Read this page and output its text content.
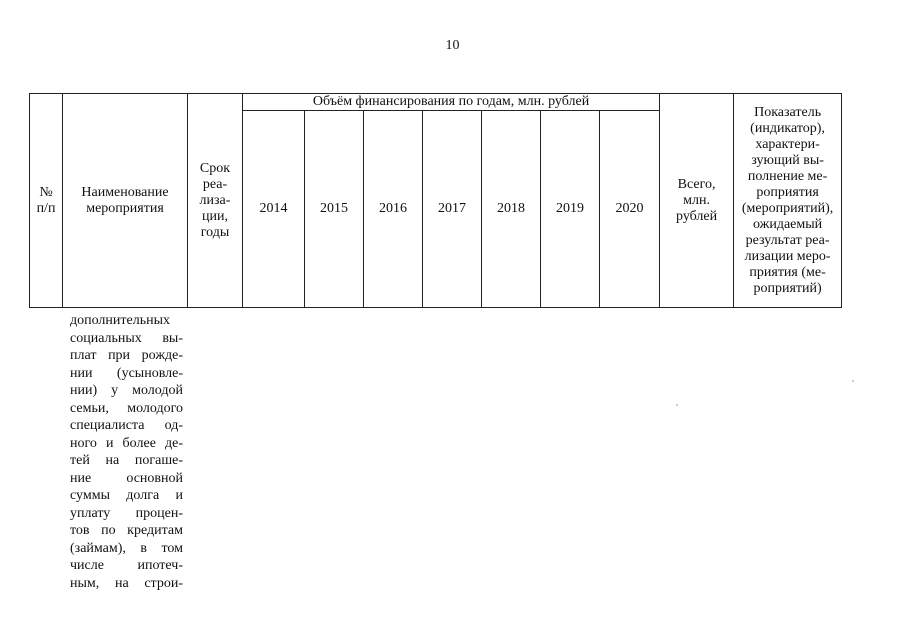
10
№ п/п	Наименование мероприятия	Срок реа-лиза-ции, годы	Объём финансирования по годам, млн. рублей							Всего, млн. рублей	Показатель (индикатор), характери-зующий вы-полнение ме-роприятия (мероприятий), ожидаемый результат реа-лизации меро-приятия (ме-роприятий)
			2014	2015	2016	2017	2018	2019	2020		
дополнительных
социальных вы-
плат при рожде-
нии (усыновле-
нии) у молодой
семьи, молодого
специалиста од-
ного и более де-
тей на погаше-
ние основной
суммы долга и
уплату процен-
тов по кредитам
(займам), в том
числе ипотеч-
ным, на строи-
